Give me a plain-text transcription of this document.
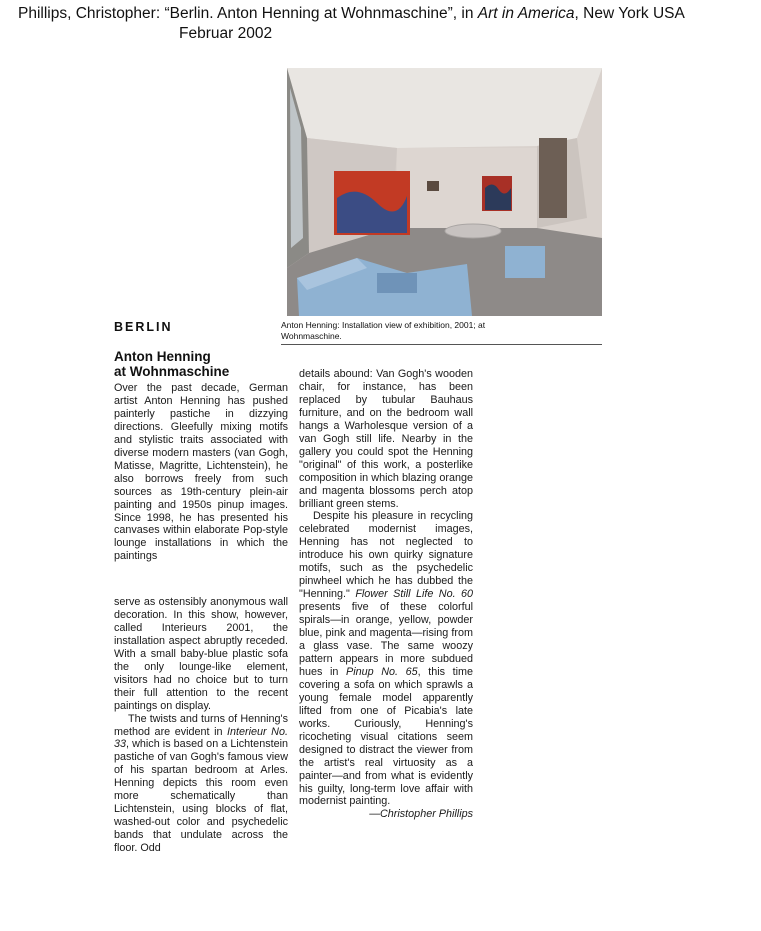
Phillips, Christopher: “Berlin. Anton Henning at Wohnmaschine”, in Art in America, New York USA
Februar 2002
BERLIN	Anton Henning: Installation view of exhibition, 2001; at Wohnmaschine.
Anton Henning
at Wohnmaschine

Over the past decade, German artist Anton Henning has pushed painterly pastiche in dizzying directions. Gleefully mixing motifs and stylistic traits associated with diverse modern masters (van Gogh, Matisse, Magritte, Lichtenstein), he also borrows freely from such sources as 19th-century plein-air painting and 1950s pinup images. Since 1998, he has presented his canvases within elaborate Pop-style lounge installations in which the paintings

serve as ostensibly anonymous wall decoration. In this show, however, called Interieurs 2001, the installation aspect abruptly receded. With a small baby-blue plastic sofa the only lounge-like element, visitors had no choice but to turn their full attention to the recent paintings on display.

The twists and turns of Henning's method are evident in Interieur No. 33, which is based on a Lichtenstein pastiche of van Gogh's famous view of his spartan bedroom at Arles. Henning depicts this room even more schematically than Lichtenstein, using blocks of flat, washed-out color and psychedelic bands that undulate across the floor. Odd

details abound: Van Gogh's wooden chair, for instance, has been replaced by tubular Bauhaus furniture, and on the bedroom wall hangs a Warholesque version of a van Gogh still life. Nearby in the gallery you could spot the Henning "original" of this work, a posterlike composition in which blazing orange and magenta blossoms perch atop brilliant green stems.

Despite his pleasure in recycling celebrated modernist images, Henning has not neglected to introduce his own quirky signature motifs, such as the psychedelic pinwheel which he has dubbed the "Henning." Flower Still Life No. 60 presents five of these colorful spirals—in orange, yellow, powder blue, pink and magenta—rising from a glass vase. The same woozy pattern appears in more subdued hues in Pinup No. 65, this time covering a sofa on which sprawls a young female model apparently lifted from one of Picabia's late works. Curiously, Henning's ricocheting visual citations seem designed to distract the viewer from the artist's real virtuosity as a painter—and from what is evidently his guilty, long-term love affair with modernist painting.

—Christopher Phillips
